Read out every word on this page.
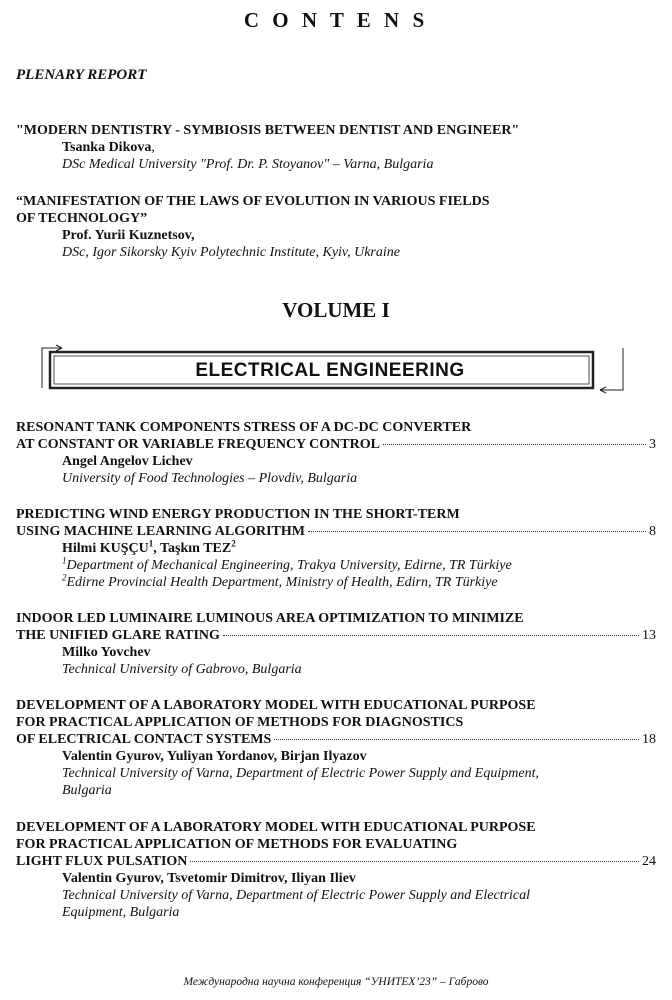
C O N T E N S
PLENARY REPORT
"MODERN DENTISTRY - SYMBIOSIS BETWEEN DENTIST AND ENGINEER"
Tsanka Dikova,
DSc Medical University "Prof. Dr. P. Stoyanov" – Varna, Bulgaria
“MANIFESTATION OF THE LAWS OF EVOLUTION IN VARIOUS FIELDS
OF TECHNOLOGY”
Prof. Yurii Kuznetsov,
DSc, Igor Sikorsky Kyiv Polytechnic Institute, Kyiv, Ukraine
VOLUME I
ELECTRICAL ENGINEERING
RESONANT TANK COMPONENTS STRESS OF A DC-DC CONVERTER
AT CONSTANT OR VARIABLE FREQUENCY CONTROL	3
Angel Angelov Lichev
University of Food Technologies – Plovdiv, Bulgaria
PREDICTING WIND ENERGY PRODUCTION IN THE SHORT-TERM
USING MACHINE LEARNING ALGORITHM	8
Hilmi KUŞÇU$^1$, Taşkın TEZ$^2$
$^1$Department of Mechanical Engineering, Trakya University, Edirne, TR Türkiye
$^2$Edirne Provincial Health Department, Ministry of Health, Edirn, TR Türkiye
INDOOR LED LUMINAIRE LUMINOUS AREA OPTIMIZATION TO MINIMIZE
THE UNIFIED GLARE RATING	13
Milko Yovchev
Technical University of Gabrovo, Bulgaria
DEVELOPMENT OF A LABORATORY MODEL WITH EDUCATIONAL PURPOSE
FOR PRACTICAL APPLICATION OF METHODS FOR DIAGNOSTICS
OF ELECTRICAL CONTACT SYSTEMS	18
Valentin Gyurov, Yuliyan Yordanov, Birjan Ilyazov
Technical University of Varna, Department of Electric Power Supply and Equipment,
Bulgaria
DEVELOPMENT OF A LABORATORY MODEL WITH EDUCATIONAL PURPOSE
FOR PRACTICAL APPLICATION OF METHODS FOR EVALUATING
LIGHT FLUX PULSATION	24
Valentin Gyurov, Tsvetomir Dimitrov, Iliyan Iliev
Technical University of Varna, Department of Electric Power Supply and Electrical
Equipment, Bulgaria
Международна научна конференция “УНИТЕХ’23” – Габрово
